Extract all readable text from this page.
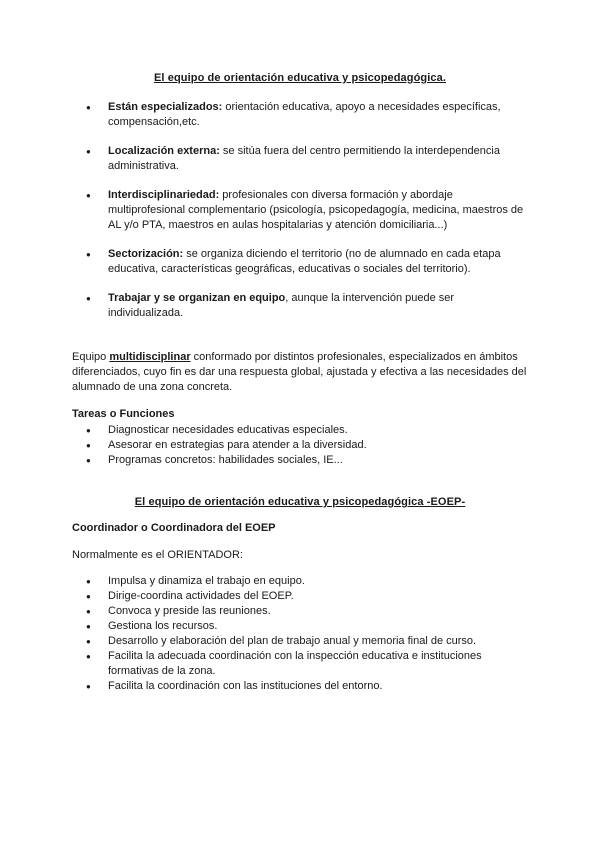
El equipo de orientación educativa y psicopedagógica.
● Están especializados: orientación educativa, apoyo a necesidades específicas, compensación,etc.
● Localización externa: se sitúa fuera del centro permitiendo la interdependencia administrativa.
● Interdisciplinariedad: profesionales con diversa formación y abordaje multiprofesional complementario (psicología, psicopedagogía, medicina, maestros de AL y/o PTA, maestros en aulas hospitalarias y atención domiciliaria...)
● Sectorización: se organiza diciendo el territorio (no de alumnado en cada etapa educativa, características geográficas, educativas o sociales del territorio).
● Trabajar y se organizan en equipo, aunque la intervención puede ser individualizada.
Equipo multidisciplinar conformado por distintos profesionales, especializados en ámbitos diferenciados, cuyo fin es dar una respuesta global, ajustada y efectiva a las necesidades del alumnado de una zona concreta.
Tareas o Funciones
● Diagnosticar necesidades educativas especiales.
● Asesorar en estrategias para atender a la diversidad.
● Programas concretos: habilidades sociales, IE...
El equipo de orientación educativa y psicopedagógica -EOEP-
Coordinador o Coordinadora del EOEP
Normalmente es el ORIENTADOR:
● Impulsa y dinamiza el trabajo en equipo.
● Dirige-coordina actividades del EOEP.
● Convoca y preside las reuniones.
● Gestiona los recursos.
● Desarrollo y elaboración del plan de trabajo anual y memoria final de curso.
● Facilita la adecuada coordinación con la inspección educativa e instituciones formativas de la zona.
● Facilita la coordinación con las instituciones del entorno.
